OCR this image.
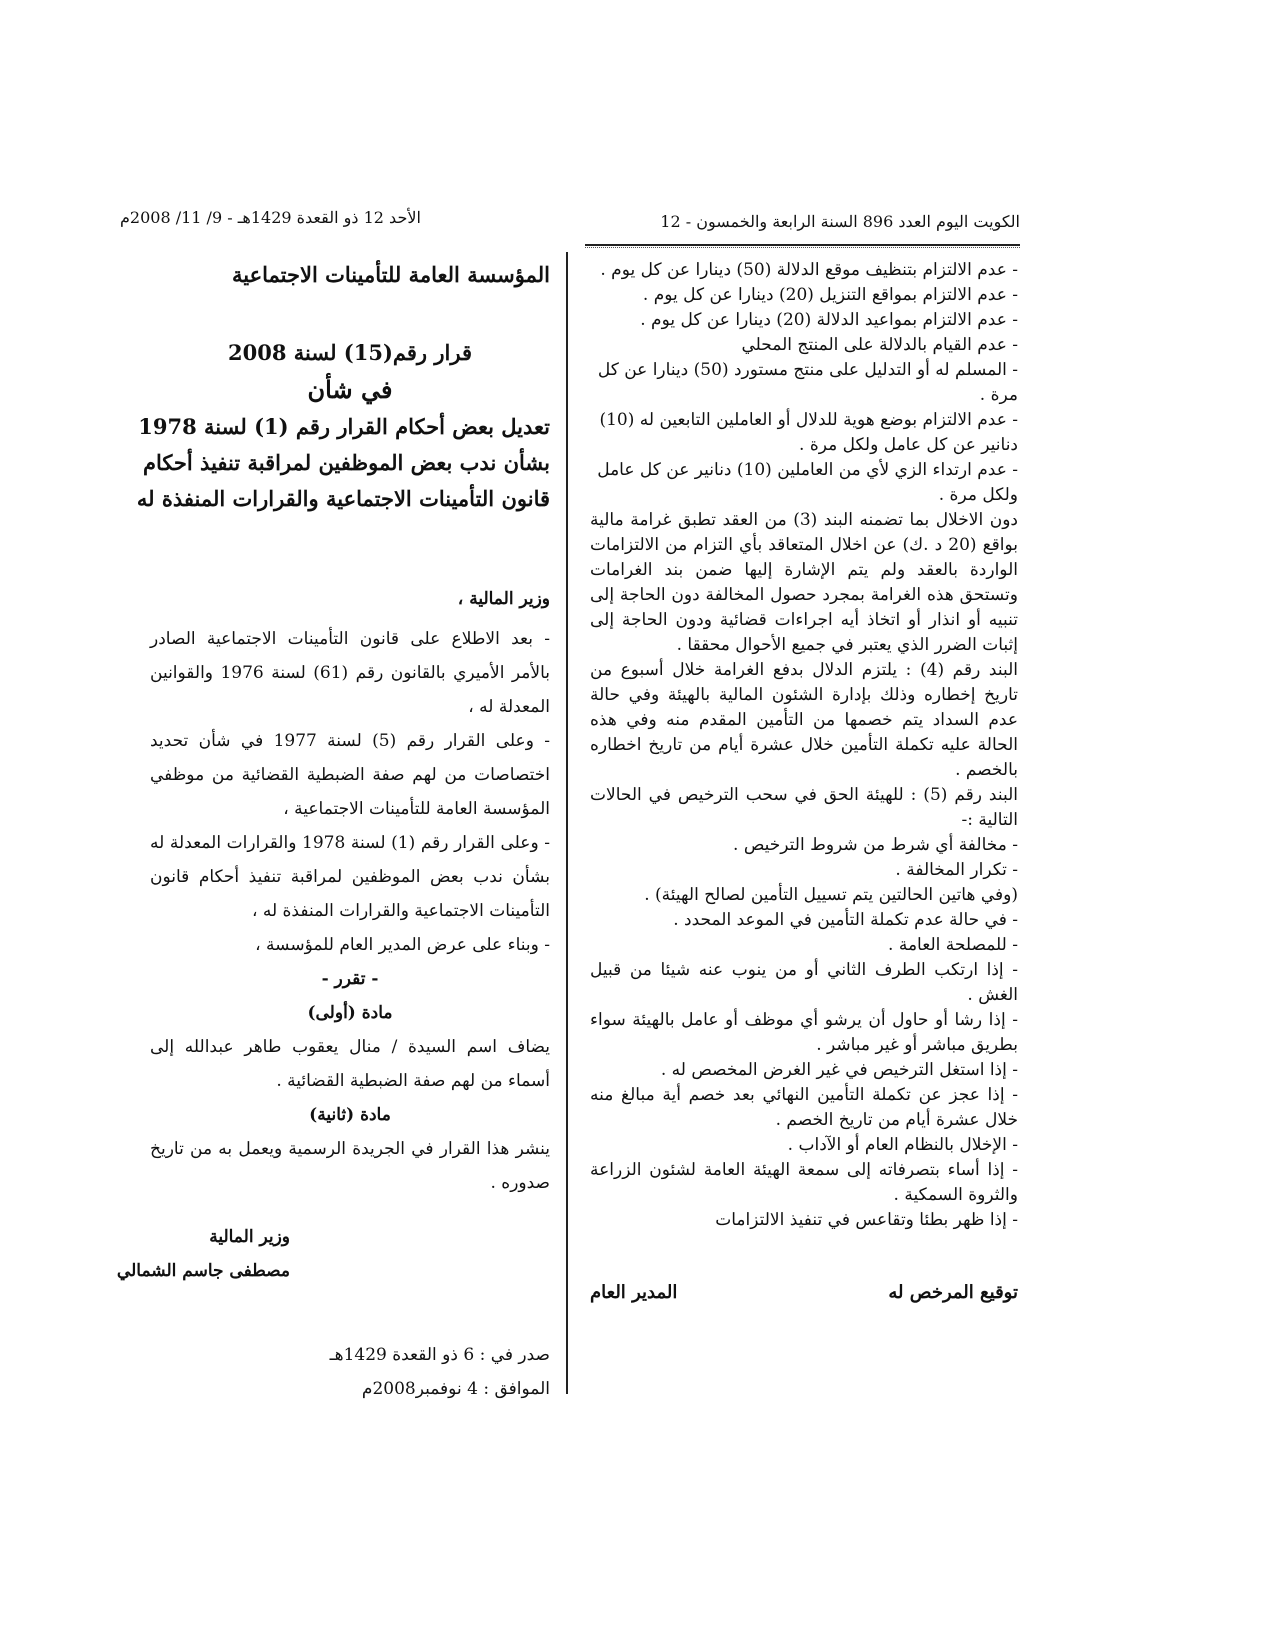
الكويت اليوم العدد 896 السنة الرابعة والخمسون - 12
الأحد 12 ذو القعدة 1429هـ - 9/ 11/ 2008م
- عدم الالتزام بتنظيف موقع الدلالة (50) دينارا عن كل يوم .
- عدم الالتزام بمواقع التنزيل (20) دينارا عن كل يوم .
- عدم الالتزام بمواعيد الدلالة (20) دينارا عن كل يوم .
- عدم القيام بالدلالة على المنتج المحلي
- المسلم له أو التدليل على منتج مستورد (50) دينارا عن كل
مرة .
- عدم الالتزام بوضع هوية للدلال أو العاملين التابعين له (10)
دنانير عن كل عامل ولكل مرة .
- عدم ارتداء الزي لأي من العاملين (10) دنانير عن كل عامل
ولكل مرة .

دون الاخلال بما تضمنه البند (3) من العقد تطبق غرامة مالية بواقع (20 د .ك) عن اخلال المتعاقد بأي التزام من الالتزامات الواردة بالعقد ولم يتم الإشارة إليها ضمن بند الغرامات وتستحق هذه الغرامة بمجرد حصول المخالفة دون الحاجة إلى تنبيه أو انذار أو اتخاذ أيه اجراءات قضائية ودون الحاجة إلى إثبات الضرر الذي يعتبر في جميع الأحوال محققا .

البند رقم (4) : يلتزم الدلال بدفع الغرامة خلال أسبوع من تاريخ إخطاره وذلك بإدارة الشئون المالية بالهيئة وفي حالة عدم السداد يتم خصمها من التأمين المقدم منه وفي هذه الحالة عليه تكملة التأمين خلال عشرة أيام من تاريخ اخطاره بالخصم .

البند رقم (5) : للهيئة الحق في سحب الترخيص في الحالات التالية :-

- مخالفة أي شرط من شروط الترخيص .
- تكرار المخالفة .
(وفي هاتين الحالتين يتم تسييل التأمين لصالح الهيئة) .
- في حالة عدم تكملة التأمين في الموعد المحدد .
- للمصلحة العامة .

- إذا ارتكب الطرف الثاني أو من ينوب عنه شيئا من قبيل الغش .

- إذا رشا أو حاول أن يرشو أي موظف أو عامل بالهيئة سواء بطريق مباشر أو غير مباشر .

- إذا استغل الترخيص في غير الغرض المخصص له .

- إذا عجز عن تكملة التأمين النهائي بعد خصم أية مبالغ منه خلال عشرة أيام من تاريخ الخصم .

- الإخلال بالنظام العام أو الآداب .

- إذا أساء بتصرفاته إلى سمعة الهيئة العامة لشئون الزراعة والثروة السمكية .

- إذا ظهر بطئا وتقاعس في تنفيذ الالتزامات

توقيع المرخص له
المدير العام
المؤسسة العامة للتأمينات الاجتماعية
قرار رقم(15) لسنة 2008
في شأن
تعديل بعض أحكام القرار رقم (1) لسنة 1978
بشأن ندب بعض الموظفين لمراقبة تنفيذ أحكام
قانون التأمينات الاجتماعية والقرارات المنفذة له
وزير المالية ،

- بعد الاطلاع على قانون التأمينات الاجتماعية الصادر بالأمر الأميري بالقانون رقم (61) لسنة 1976 والقوانين المعدلة له ،

- وعلى القرار رقم (5) لسنة 1977 في شأن تحديد اختصاصات من لهم صفة الضبطية القضائية من موظفي المؤسسة العامة للتأمينات الاجتماعية ،

- وعلى القرار رقم (1) لسنة 1978 والقرارات المعدلة له بشأن ندب بعض الموظفين لمراقبة تنفيذ أحكام قانون التأمينات الاجتماعية والقرارات المنفذة له ،

- وبناء على عرض المدير العام للمؤسسة ،

- تقرر -
مادة (أولى)

يضاف اسم السيدة / منال يعقوب طاهر عبدالله إلى أسماء من لهم صفة الضبطية القضائية .

مادة (ثانية)

ينشر هذا القرار في الجريدة الرسمية ويعمل به من تاريخ صدوره .

وزير المالية
مصطفى جاسم الشمالي
صدر في : 6 ذو القعدة 1429هـ
الموافق : 4 نوفمبر2008م
